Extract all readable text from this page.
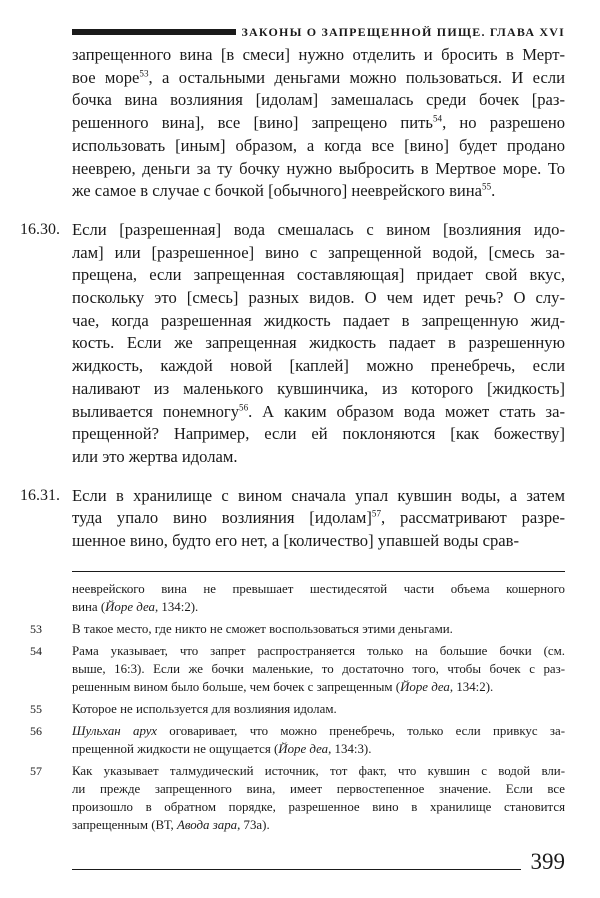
ЗАКОНЫ О ЗАПРЕЩЕННОЙ ПИЩЕ. ГЛАВА XVI
запрещенного вина [в смеси] нужно отделить и бросить в Мерт-
вое море$^{53}$, а остальными деньгами можно пользоваться. И если
бочка вина возлияния [идолам] замешалась среди бочек [раз-
решенного вина], все [вино] запрещено пить$^{54}$, но разрешено
использовать [иным] образом, а когда все [вино] будет продано
нееврею, деньги за ту бочку нужно выбросить в Мертвое море. То
же самое в случае с бочкой [обычного] нееврейского вина$^{55}$.
16.30. Если [разрешенная] вода смешалась с вином [возлияния идо-
лам] или [разрешенное] вино с запрещенной водой, [смесь за-
прещена, если запрещенная составляющая] придает свой вкус,
поскольку это [смесь] разных видов. О чем идет речь? О слу-
чае, когда разрешенная жидкость падает в запрещенную жид-
кость. Если же запрещенная жидкость падает в разрешенную
жидкость, каждой новой [каплей] можно пренебречь, если
наливают из маленького кувшинчика, из которого [жидкость]
выливается понемногу$^{56}$. А каким образом вода может стать за-
прещенной? Например, если ей поклоняются [как божеству]
или это жертва идолам.
16.31. Если в хранилище с вином сначала упал кувшин воды, а затем
туда упало вино возлияния [идолам]$^{57}$, рассматривают разре-
шенное вино, будто его нет, а [количество] упавшей воды срав-
нееврейского вина не превышает шестидесятой части объема кошерного
вина (Йоре деа, 134:2).
53	В такое место, где никто не сможет воспользоваться этими деньгами.
54	Рама указывает, что запрет распространяется только на большие бочки (см.
выше, 16:3). Если же бочки маленькие, то достаточно того, чтобы бочек с раз-
решенным вином было больше, чем бочек с запрещенным (Йоре деа, 134:2).
55	Которое не используется для возлияния идолам.
56	Шульхан арух оговаривает, что можно пренебречь, только если привкус за-
прещенной жидкости не ощущается (Йоре деа, 134:3).
57	Как указывает талмудический источник, тот факт, что кувшин с водой вли-
ли прежде запрещенного вина, имеет первостепенное значение. Если все
произошло в обратном порядке, разрешенное вино в хранилище становится
запрещенным (ВТ, Авода зара, 73а).
399
